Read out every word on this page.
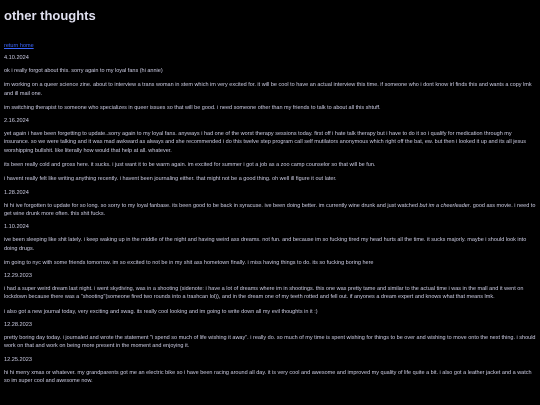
other thoughts
return home

4.10.2024

ok i really forgot about this. sorry again to my loyal fans (hi annie)

im working on a queer science zine. about to interview a trans woman in stem which im very excited for. it will be cool to have an actual interview this time. if someone who i dont know irl finds this and wants a copy lmk and ill mail one.

im switching therapist to someone who specializes in queer issues so that will be good. i need someone other than my friends to talk to about all this shtuff.

2.16.2024

yet again i have been forgetting to update..sorry again to my loyal fans. anyways i had one of the worst therapy sessions today. first off i hate talk therapy but i have to do it so i qualify for medication through my insurance. so we were talking and it was mad awkward as always and she recommended i do this twelve step program call self mutilators anonymous which right off the bat, ew. but then i looked it up and its all jesus worshipping bullshit. like literally how would that help at all. whatever.

its been really cold and gross here. it sucks. i just want it to be warm again. im excited for summer i got a job as a zoo camp counselor so that will be fun.

i havent really felt like writing anything recently. i havent been journaling either. that might not be a good thing. oh well ill figure it out later.

1.28.2024

hi hi ive forgotten to update for so long. so sorry to my loyal fanbase. its been good to be back in syracuse. ive been doing better. im currently wine drunk and just watched but im a cheerleader. good ass movie. i need to get wine drunk more often. this shit fucks.

1.10.2024

ive been sleeping like shit lately. i keep waking up in the middle of the night and having weird ass dreams. not fun. and because im so fucking tired my head hurts all the time. it sucks majorly. maybe i should look into doing drugs.

im going to nyc with some friends tomorrow. im so excited to not be in my shit ass hometown finally. i miss having things to do. its so fucking boring here

12.29.2023

i had a super weird dream last night. i went skydiving, was in a shooting (sidenote: i have a lot of dreams where im in shootings. this one was pretty tame and similar to the actual time i was in the mall and it went on lockdown because there was a "shooting"(someone fired two rounds into a trashcan lol)), and in the dream one of my teeth rotted and fell out. if anyones a dream expert and knows what that means lmk.

i also got a new journal today, very exciting and swag. its really cool looking and im going to write down all my evil thoughts in it :)

12.28.2023

pretty boring day today. i journaled and wrote the statement "i spend so much of life wishing it away". i really do. so much of my time is spent wishing for things to be over and wishing to move onto the next thing. i should work on that and work on being more present in the moment and enjoying it.

12.25.2023

hi hi merry xmas or whatever. my grandparents got me an electric bike so i have been racing around all day. it is very cool and awesome and improved my quality of life quite a bit. i also got a leather jacket and a watch so im super cool and awesome now.
